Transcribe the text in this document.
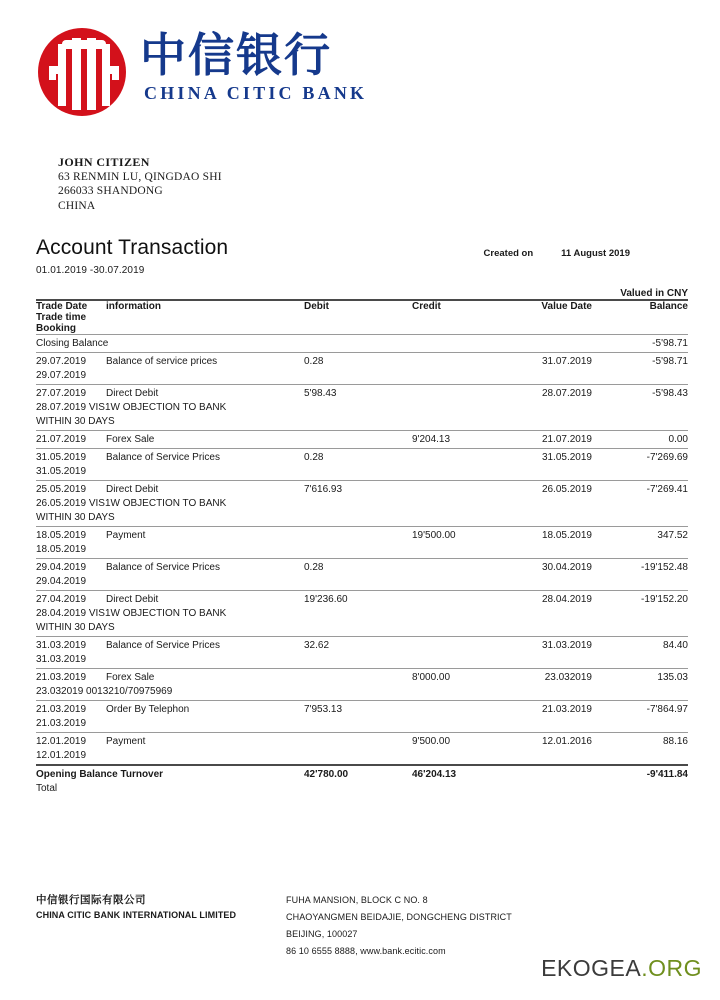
中信银行
CHINA CITIC BANK
JOHN CITIZEN
63 RENMIN LU, QINGDAO SHI
266033 SHANDONG
CHINA
Account Transaction
01.01.2019 -30.07.2019
Created on	11 August 2019
Valued in CNY
Trade Date	information	Debit	Credit	Value Date	Balance
Trade time					
Booking					
Closing Balance					-5'98.71
29.07.2019	Balance of service prices	0.28		31.07.2019	-5'98.71
29.07.2019					
27.07.2019	Direct Debit	5'98.43		28.07.2019	-5'98.43
28.07.2019 VIS1W OBJECTION TO BANK					
WITHIN 30 DAYS					
21.07.2019	Forex Sale		9'204.13	21.07.2019	0.00
31.05.2019	Balance of Service Prices	0.28		31.05.2019	-7'269.69
31.05.2019					
25.05.2019	Direct Debit	7'616.93		26.05.2019	-7'269.41
26.05.2019 VIS1W OBJECTION TO BANK					
WITHIN 30 DAYS					
18.05.2019	Payment		19'500.00	18.05.2019	347.52
18.05.2019					
29.04.2019	Balance of Service Prices	0.28		30.04.2019	-19'152.48
29.04.2019					
27.04.2019	Direct Debit	19'236.60		28.04.2019	-19'152.20
28.04.2019 VIS1W OBJECTION TO BANK					
WITHIN 30 DAYS					
31.03.2019	Balance of Service Prices	32.62		31.03.2019	84.40
31.03.2019					
21.03.2019	Forex Sale		8'000.00	23.032019	135.03
23.032019 0013210/70975969					
21.03.2019	Order By Telephon	7'953.13		21.03.2019	-7'864.97
21.03.2019					
12.01.2019	Payment		9'500.00	12.01.2016	88.16
12.01.2019					
Opening Balance Turnover		42'780.00	46'204.13		-9'411.84
Total					
中信银行国际有限公司
CHINA CITIC BANK INTERNATIONAL LIMITED
FUHA MANSION, BLOCK C NO. 8
CHAOYANGMEN BEIDAJIE, DONGCHENG DISTRICT
BEIJING, 100027
86 10 6555 8888, www.bank.ecitic.com
EKOGEA.ORG
